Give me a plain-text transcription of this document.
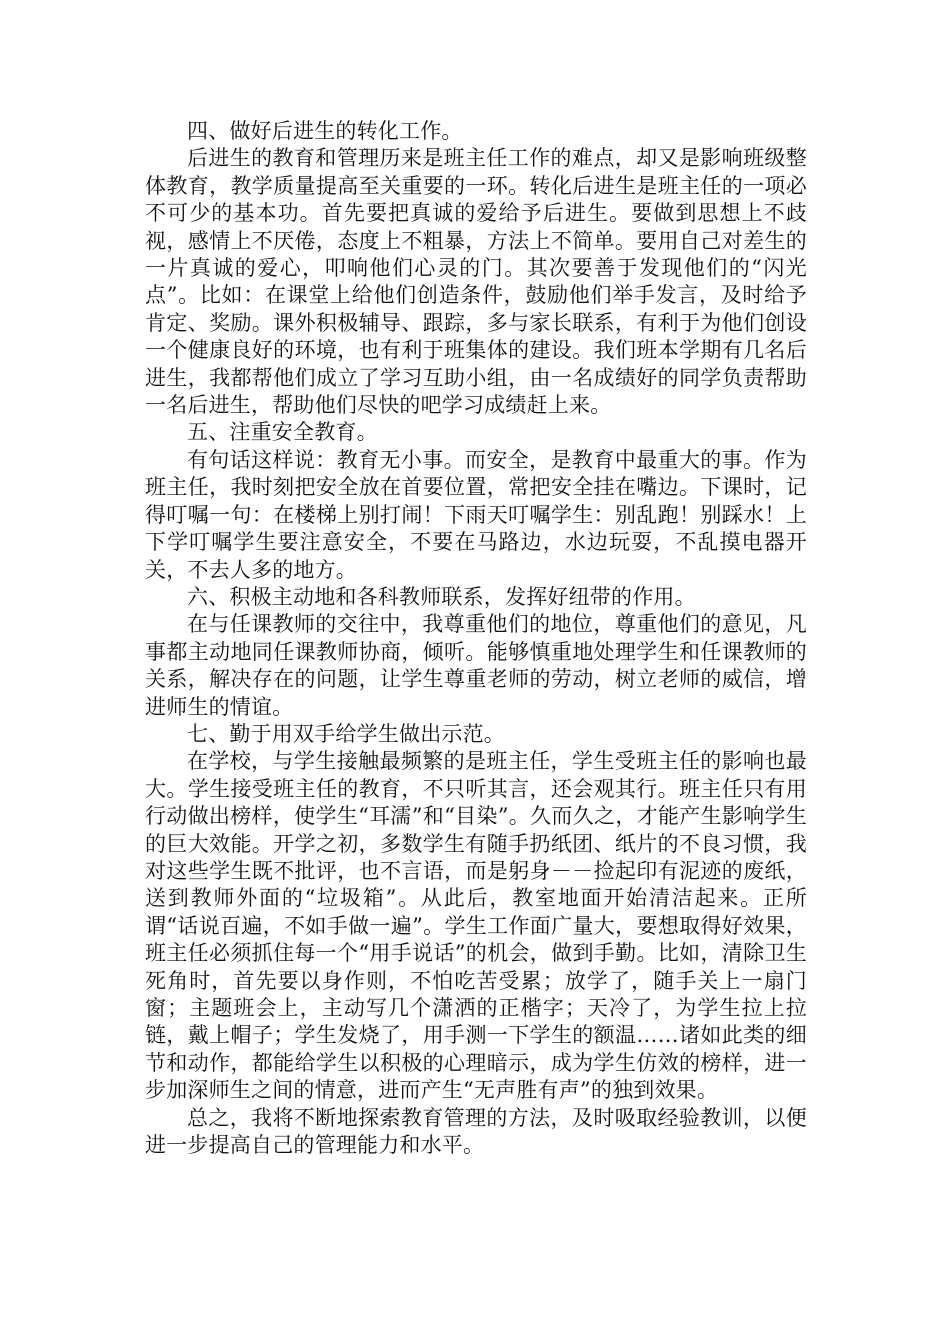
四、做好后进生的转化工作。

后进生的教育和管理历来是班主任工作的难点，却又是影响班级整体教育，教学质量提高至关重要的一环。转化后进生是班主任的一项必不可少的基本功。首先要把真诚的爱给予后进生。要做到思想上不歧视，感情上不厌倦，态度上不粗暴，方法上不简单。要用自己对差生的一片真诚的爱心，叩响他们心灵的门。其次要善于发现他们的“闪光点”。比如：在课堂上给他们创造条件，鼓励他们举手发言，及时给予肯定、奖励。课外积极辅导、跟踪，多与家长联系，有利于为他们创设一个健康良好的环境，也有利于班集体的建设。我们班本学期有几名后进生，我都帮他们成立了学习互助小组，由一名成绩好的同学负责帮助一名后进生，帮助他们尽快的吧学习成绩赶上来。

五、注重安全教育。

有句话这样说：教育无小事。而安全，是教育中最重大的事。作为班主任，我时刻把安全放在首要位置，常把安全挂在嘴边。下课时，记得叮嘱一句：在楼梯上别打闹！下雨天叮嘱学生：别乱跑！别踩水！上下学叮嘱学生要注意安全，不要在马路边，水边玩耍，不乱摸电器开关，不去人多的地方。

六、积极主动地和各科教师联系，发挥好纽带的作用。

在与任课教师的交往中，我尊重他们的地位，尊重他们的意见，凡事都主动地同任课教师协商，倾听。能够慎重地处理学生和任课教师的关系，解决存在的问题，让学生尊重老师的劳动，树立老师的威信，增进师生的情谊。

七、勤于用双手给学生做出示范。

在学校，与学生接触最频繁的是班主任，学生受班主任的影响也最大。学生接受班主任的教育，不只听其言，还会观其行。班主任只有用行动做出榜样，使学生“耳濡”和“目染”。久而久之，才能产生影响学生的巨大效能。开学之初，多数学生有随手扔纸团、纸片的不良习惯，我对这些学生既不批评，也不言语，而是躬身－－捡起印有泥迹的废纸，送到教师外面的“垃圾箱”。从此后，教室地面开始清洁起来。正所谓“话说百遍，不如手做一遍”。学生工作面广量大，要想取得好效果，班主任必须抓住每一个“用手说话”的机会，做到手勤。比如，清除卫生死角时，首先要以身作则，不怕吃苦受累；放学了，随手关上一扇门窗；主题班会上，主动写几个潇洒的正楷字；天冷了，为学生拉上拉链，戴上帽子；学生发烧了，用手测一下学生的额温……诸如此类的细节和动作，都能给学生以积极的心理暗示，成为学生仿效的榜样，进一步加深师生之间的情意，进而产生“无声胜有声”的独到效果。

总之，我将不断地探索教育管理的方法，及时吸取经验教训，以便进一步提高自己的管理能力和水平。
